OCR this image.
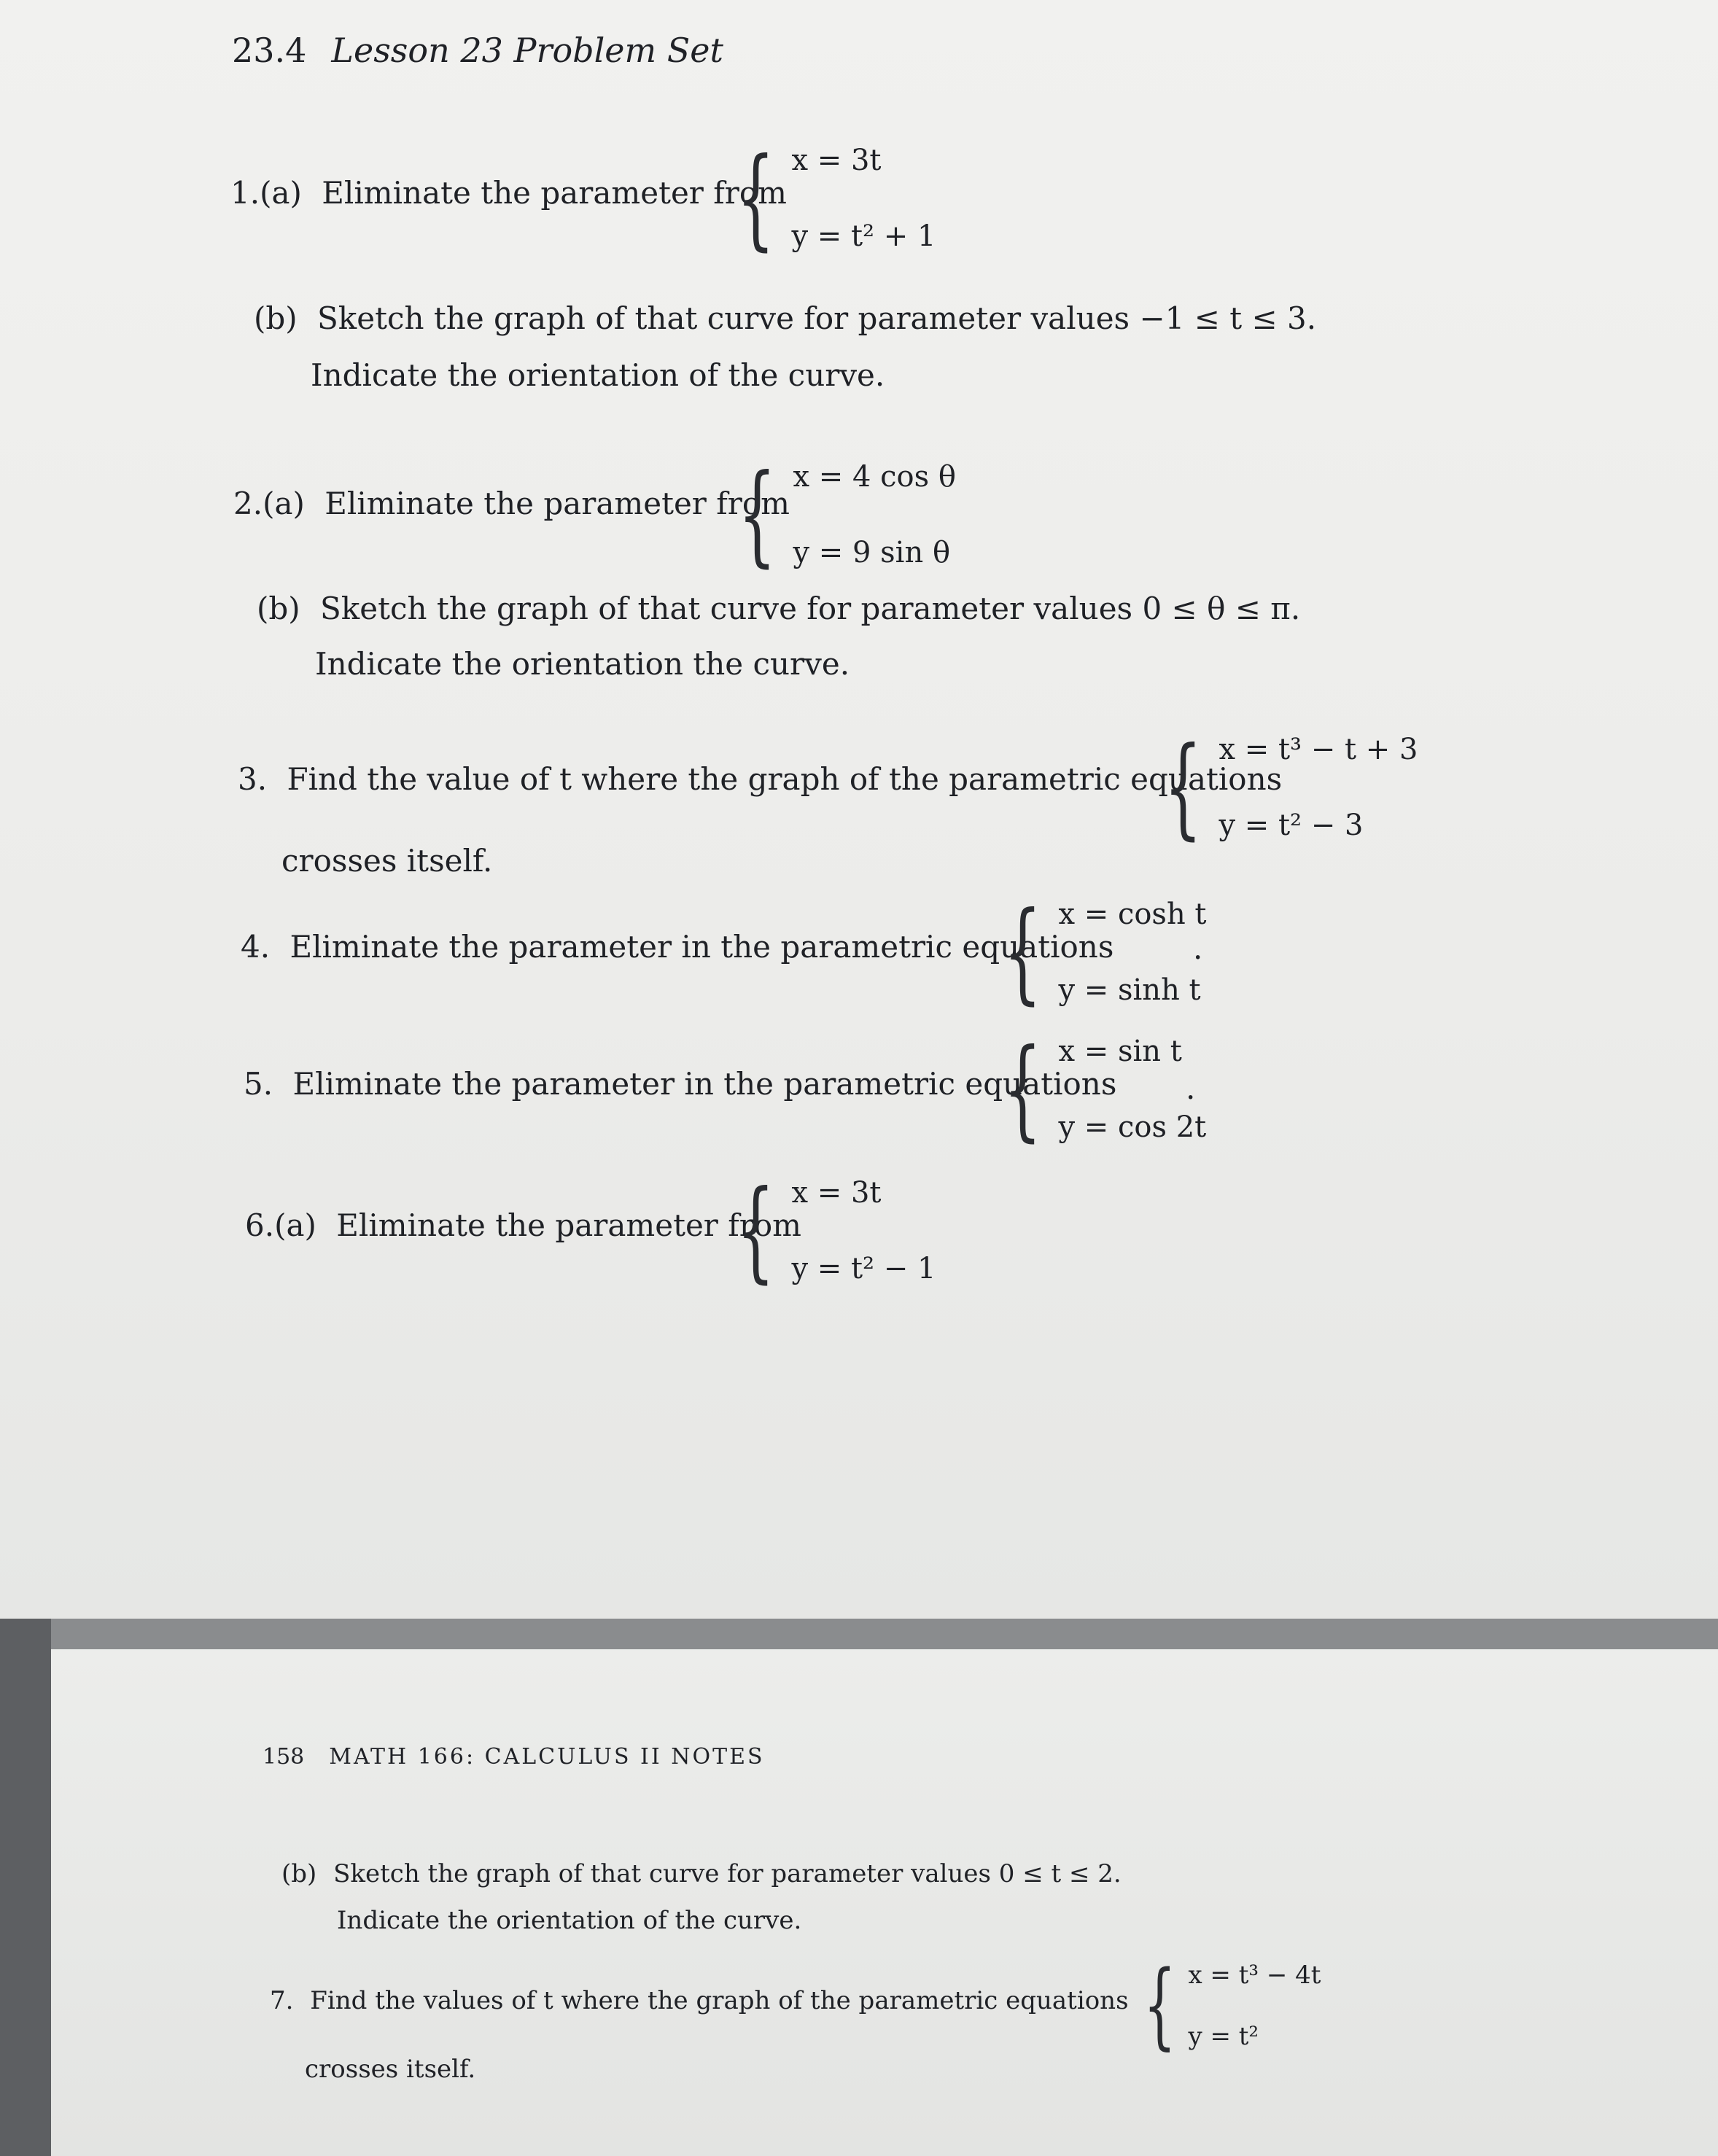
23.4 Lesson 23 Problem Set
1.(a) Eliminate the parameter from
{ x = 3t
y = t² + 1
(b) Sketch the graph of that curve for parameter values −1 ≤ t ≤ 3.
Indicate the orientation of the curve.
2.(a) Eliminate the parameter from
{ x = 4 cos θ
y = 9 sin θ
(b) Sketch the graph of that curve for parameter values 0 ≤ θ ≤ π.
Indicate the orientation the curve.
3. Find the value of t where the graph of the parametric equations
{ x = t³ − t + 3
y = t² − 3
crosses itself.
4. Eliminate the parameter in the parametric equations
{ x = cosh t
y = sinh t
.
5. Eliminate the parameter in the parametric equations
{ x = sin t
y = cos 2t
.
6.(a) Eliminate the parameter from
{ x = 3t
y = t² − 1
158 MATH 166: CALCULUS II NOTES
(b) Sketch the graph of that curve for parameter values 0 ≤ t ≤ 2.
Indicate the orientation of the curve.
7. Find the values of t where the graph of the parametric equations { x = t³ − 4t
y = t²
crosses itself.
